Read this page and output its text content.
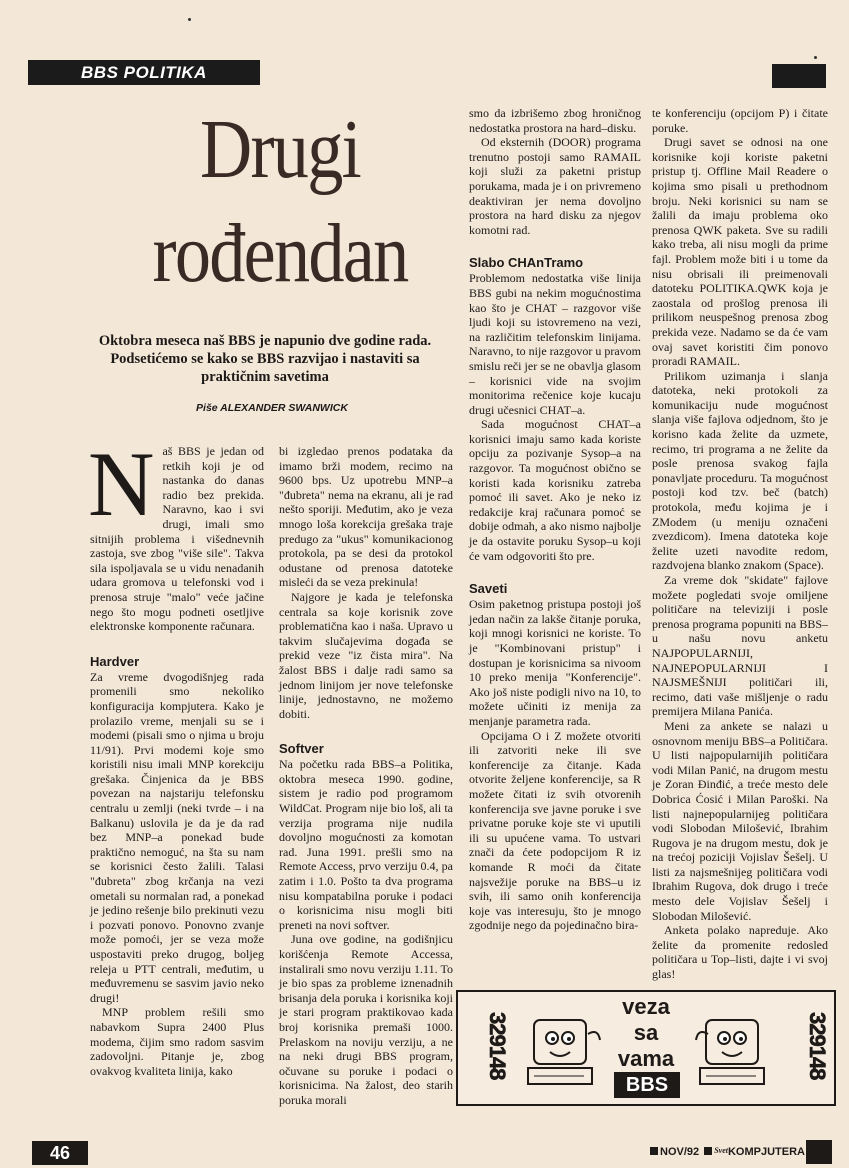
BBS POLITIKA
Drugi
rođendan
Oktobra meseca naš BBS je napunio dve godine rada. Podsetićemo se kako se BBS razvijao i nastaviti sa praktičnim savetima
Piše ALEXANDER SWANWICK

Naš BBS je jedan od retkih koji je od nastanka do danas radio bez prekida. Naravno, kao i svi drugi, imali smo sitnijih problema i višednevnih zastoja, sve zbog "više sile". Takva sila ispoljavala se u vidu nenadanih udara gromova u telefonski vod i prenosa struje "malo" veće jačine nego što mogu podneti osetljive elektronske komponente računara.

Hardver

Za vreme dvogodišnjeg rada promenili smo nekoliko konfiguracija kompjutera. Kako je prolazilo vreme, menjali su se i modemi (pisali smo o njima u broju 11/91). Prvi modemi koje smo koristili nisu imali MNP korekciju grešaka. Činjenica da je BBS povezan na najstariju telefonsku centralu u zemlji (neki tvrde – i na Balkanu) uslovila je da je da rad bez MNP–a ponekad bude praktično nemoguć, na šta su nam se korisnici često žalili. Talasi "đubreta" zbog krčanja na vezi ometali su normalan rad, a ponekad je jedino rešenje bilo prekinuti vezu i pozvati ponovo. Ponovno zvanje može pomoći, jer se veza može uspostaviti preko drugog, boljeg releja u PTT centrali, međutim, u međuvremenu se sasvim javio neko drugi!

MNP problem rešili smo nabavkom Supra 2400 Plus modema, čijim smo radom sasvim zadovoljni. Pitanje je, zbog ovakvog kvaliteta linija, kako

bi izgledao prenos podataka da imamo brži modem, recimo na 9600 bps. Uz upotrebu MNP–a "đubreta" nema na ekranu, ali je rad nešto sporiji. Međutim, ako je veza mnogo loša korekcija grešaka traje predugo za "ukus" komunikacionog protokola, pa se desi da protokol odustane od prenosa datoteke misleći da se veza prekinula!

Najgore je kada je telefonska centrala sa koje korisnik zove problematična kao i naša. Upravo u takvim slučajevima događa se prekid veze "iz čista mira". Na žalost BBS i dalje radi samo sa jednom linijom jer nove telefonske linije, jednostavno, ne možemo dobiti.

Softver

Na početku rada BBS–a Politika, oktobra meseca 1990. godine, sistem je radio pod programom WildCat. Program nije bio loš, ali ta verzija programa nije nudila dovoljno mogućnosti za komotan rad. Juna 1991. prešli smo na Remote Access, prvo verziju 0.4, pa zatim i 1.0. Pošto ta dva programa nisu kompatabilna poruke i podaci o korisnicima nisu mogli biti preneti na novi softver.

Juna ove godine, na godišnjicu korišćenja Remote Accessa, instalirali smo novu verziju 1.11. To je bio spas za probleme iznenadnih brisanja dela poruka i korisnika koji je stari program praktikovao kada broj korisnika premaši 1000. Prelaskom na noviju verziju, a ne na neki drugi BBS program, očuvane su poruke i podaci o korisnicima. Na žalost, deo starih poruka morali

smo da izbrišemo zbog hroničnog nedostatka prostora na hard–disku.

Od eksternih (DOOR) programa trenutno postoji samo RAMAIL koji služi za paketni pristup porukama, mada je i on privremeno deaktiviran jer nema dovoljno prostora na hard disku za njegov komotni rad.

Slabo CHAnTramo

Problemom nedostatka više linija BBS gubi na nekim mogućnostima kao što je CHAT – razgovor više ljudi koji su istovremeno na vezi, na različitim telefonskim linijama. Naravno, to nije razgovor u pravom smislu reči jer se ne obavlja glasom – korisnici vide na svojim monitorima rečenice koje kucaju drugi učesnici CHAT–a.

Sada mogućnost CHAT–a korisnici imaju samo kada koriste opciju za pozivanje Sysop–a na razgovor. Ta mogućnost obično se koristi kada korisniku zatreba pomoć ili savet. Ako je neko iz redakcije kraj računara pomoć se dobije odmah, a ako nismo najbolje je da ostavite poruku Sysop–u koji će vam odgovoriti što pre.

Saveti

Osim paketnog pristupa postoji još jedan način za lakše čitanje poruka, koji mnogi korisnici ne koriste. To je "Kombinovani pristup" i dostupan je korisnicima sa nivoom 10 preko menija "Konferencije". Ako još niste podigli nivo na 10, to možete učiniti iz menija za menjanje parametra rada.

Opcijama O i Z možete otvoriti ili zatvoriti neke ili sve konferencije za čitanje. Kada otvorite željene konferencije, sa R možete čitati iz svih otvorenih konferencija sve javne poruke i sve privatne poruke koje ste vi uputili ili su upućene vama. To ustvari znači da ćete podopcijom R iz komande R moći da čitate najsvežije poruke na BBS–u iz svih, ili samo onih konferencija koje vas interesuju, što je mnogo zgodnije nego da pojedinačno bira-

te konferenciju (opcijom P) i čitate poruke.

Drugi savet se odnosi na one korisnike koji koriste paketni pristup tj. Offline Mail Readere o kojima smo pisali u prethodnom broju. Neki korisnici su nam se žalili da imaju problema oko prenosa QWK paketa. Sve su radili kako treba, ali nisu mogli da prime fajl. Problem može biti i u tome da nisu obrisali ili preimenovali datoteku POLITIKA.QWK koja je zaostala od prošlog prenosa ili prilikom neuspešnog prenosa zbog prekida veze. Nadamo se da će vam ovaj savet koristiti čim ponovo proradi RAMAIL.

Prilikom uzimanja i slanja datoteka, neki protokoli za komunikaciju nude mogućnost slanja više fajlova odjednom, što je korisno kada želite da uzmete, recimo, tri programa a ne želite da posle prenosa svakog fajla ponavljate proceduru. Ta mogućnost postoji kod tzv. beč (batch) protokola, među kojima je i ZModem (u meniju označeni zvezdicom). Imena datoteka koje želite uzeti navodite redom, razdvojena blanko znakom (Space).

Za vreme dok "skidate" fajlove možete pogledati svoje omiljene političare na televiziji i posle prenosa programa popuniti na BBS–u našu novu anketu NAJPOPULARNIJI, NAJNEPOPULARNIJI I NAJSMEŠNIJI političari ili, recimo, dati vaše mišljenje o radu premijera Milana Panića.

Meni za ankete se nalazi u osnovnom meniju BBS–a Političara. U listi najpopularnijih političara vodi Milan Panić, na drugom mestu je Zoran Đinđić, a treće mesto dele Dobrica Ćosić i Milan Paroški. Na listi najnepopularnijeg političara vodi Slobodan Milošević, Ibrahim Rugova je na drugom mestu, dok je na trećoj poziciji Vojislav Šešelj. U listi za najsmešnijeg političara vodi Ibrahim Rugova, dok drugo i treće mesto dele Vojislav Šešelj i Slobodan Milošević.

Anketa polako napreduje. Ako želite da promenite redosled političara u Top–listi, dajte i vi svoj glas!

329148	329148
veza
sa
vama
BBS
46	NOV/92 $^{Svet}$KOMPJUTERA
